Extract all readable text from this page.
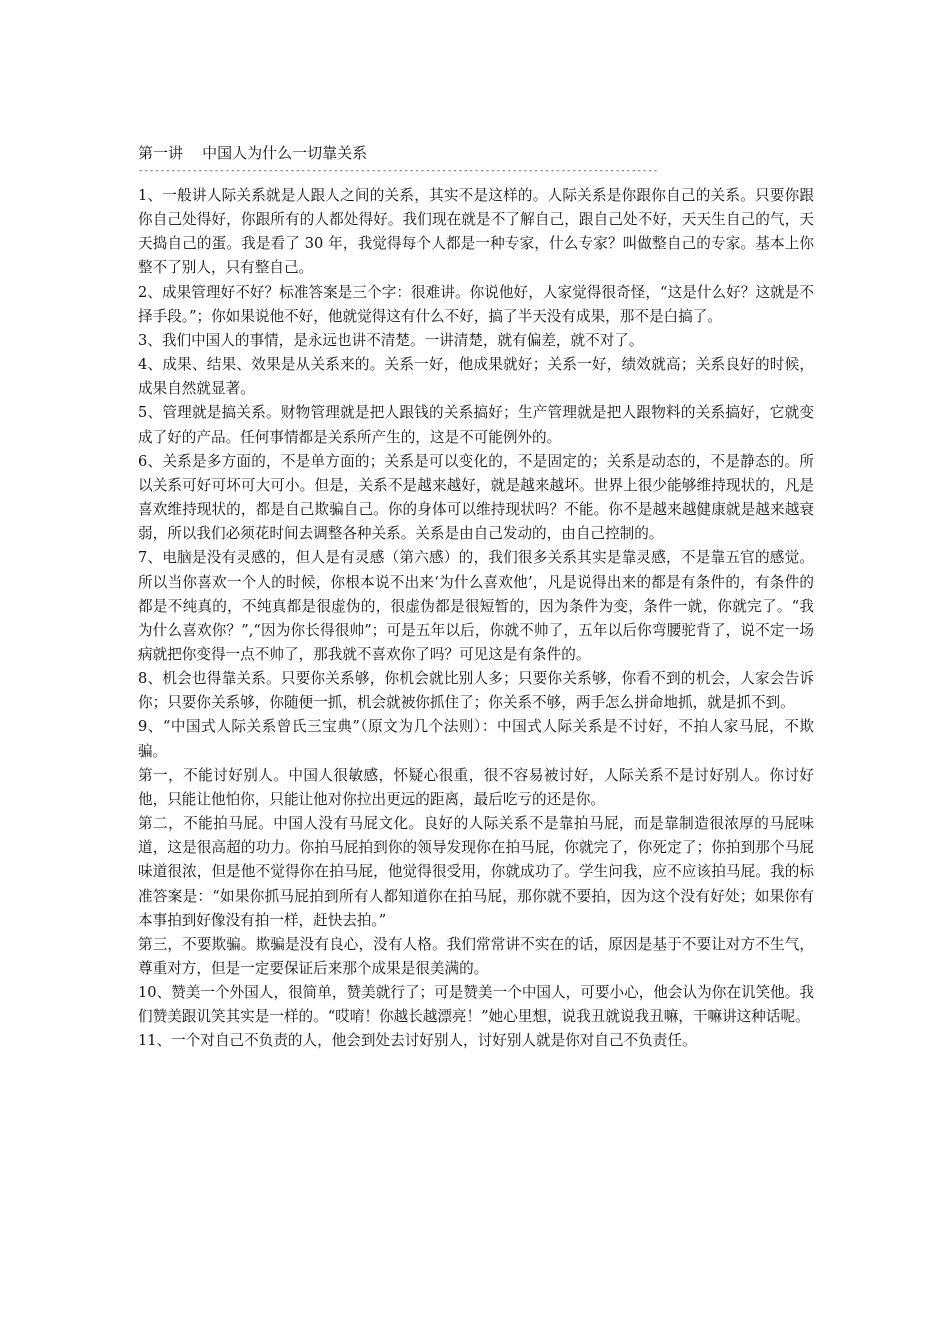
第一讲    中国人为什么一切靠关系

------------------------------------------------------------------------------------------------

1、一般讲人际关系就是人跟人之间的关系，其实不是这样的。人际关系是你跟你自己的关系。只要你跟你自己处得好，你跟所有的人都处得好。我们现在就是不了解自己，跟自己处不好，天天生自己的气，天天捣自己的蛋。我是看了 30 年，我觉得每个人都是一种专家，什么专家？叫做整自己的专家。基本上你整不了别人，只有整自己。

2、成果管理好不好？标准答案是三个字：很难讲。你说他好，人家觉得很奇怪，“这是什么好？这就是不择手段。”；你如果说他不好，他就觉得这有什么不好，搞了半天没有成果，那不是白搞了。

3、我们中国人的事情，是永远也讲不清楚。一讲清楚，就有偏差，就不对了。

4、成果、结果、效果是从关系来的。关系一好，他成果就好；关系一好，绩效就高；关系良好的时候，成果自然就显著。

5、管理就是搞关系。财物管理就是把人跟钱的关系搞好；生产管理就是把人跟物料的关系搞好，它就变成了好的产品。任何事情都是关系所产生的，这是不可能例外的。

6、关系是多方面的，不是单方面的；关系是可以变化的，不是固定的；关系是动态的，不是静态的。所以关系可好可坏可大可小。但是，关系不是越来越好，就是越来越坏。世界上很少能够维持现状的，凡是喜欢维持现状的，都是自己欺骗自己。你的身体可以维持现状吗？不能。你不是越来越健康就是越来越衰弱，所以我们必须花时间去调整各种关系。关系是由自己发动的，由自己控制的。

7、电脑是没有灵感的，但人是有灵感（第六感）的，我们很多关系其实是靠灵感，不是靠五官的感觉。所以当你喜欢一个人的时候，你根本说不出来‘为什么喜欢他’，凡是说得出来的都是有条件的，有条件的都是不纯真的，不纯真都是很虚伪的，很虚伪都是很短暂的，因为条件为变，条件一就，你就完了。“我为什么喜欢你？”,“因为你长得很帅”；可是五年以后，你就不帅了，五年以后你弯腰驼背了，说不定一场病就把你变得一点不帅了，那我就不喜欢你了吗？可见这是有条件的。

8、机会也得靠关系。只要你关系够，你机会就比别人多；只要你关系够，你看不到的机会，人家会告诉你；只要你关系够，你随便一抓，机会就被你抓住了；你关系不够，两手怎么拼命地抓，就是抓不到。

9、“中国式人际关系曾氏三宝典”（原文为几个法则）：中国式人际关系是不讨好，不拍人家马屁，不欺骗。

第一，不能讨好别人。中国人很敏感，怀疑心很重，很不容易被讨好，人际关系不是讨好别人。你讨好他，只能让他怕你，只能让他对你拉出更远的距离，最后吃亏的还是你。

第二，不能拍马屁。中国人没有马屁文化。良好的人际关系不是靠拍马屁，而是靠制造很浓厚的马屁味道，这是很高超的功力。你拍马屁拍到你的领导发现你在拍马屁，你就完了，你死定了；你拍到那个马屁味道很浓，但是他不觉得你在拍马屁，他觉得很受用，你就成功了。学生问我，应不应该拍马屁。我的标准答案是：“如果你抓马屁拍到所有人都知道你在拍马屁，那你就不要拍，因为这个没有好处；如果你有本事拍到好像没有拍一样，赶快去拍。”

第三，不要欺骗。欺骗是没有良心，没有人格。我们常常讲不实在的话，原因是基于不要让对方不生气，尊重对方，但是一定要保证后来那个成果是很美满的。

10、赞美一个外国人，很简单，赞美就行了；可是赞美一个中国人，可要小心，他会认为你在讥笑他。我们赞美跟讥笑其实是一样的。“哎唷！你越长越漂亮！”她心里想，说我丑就说我丑嘛，干嘛讲这种话呢。

11、一个对自己不负责的人，他会到处去讨好别人，讨好别人就是你对自己不负责任。
